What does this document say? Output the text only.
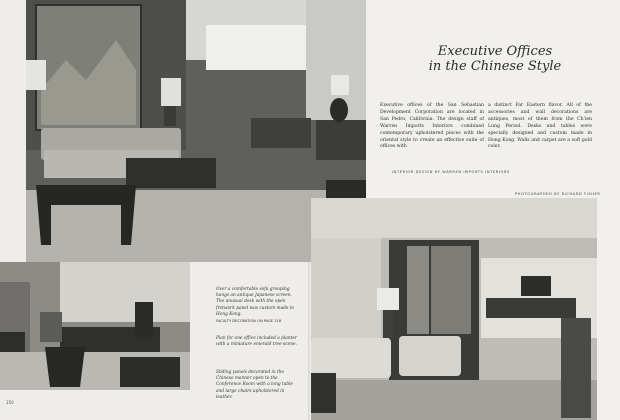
Executive Offices
in the Chinese Style
Executive offices of the San Sebastian Development Corporation are located in San Pedro, California. The design staff of Warren Imports Interiors combined contemporary upholstered pieces with the oriental style to create an effective suite of offices with
a distinct Far Eastern flavor. All of the accessories and wall decorations are antiques, most of them from the Ch'ien Lung Period. Desks and tables were specially designed and custom made in Hong Kong. Walls and carpet are a soft gold color.
INTERIOR DESIGN BY WARREN IMPORTS INTERIORS
PHOTOGRAPHED BY RICHARD FISHER
Over a comfortable sofa grouping hangs an antique Japanese screen. The unusual desk with the open fretwork panel was custom made in Hong Kong.
FACULTY DECORATION ON PAGE 118
Plan for one office included a planter with a miniature emerald tree-scene.
Sliding panels decorated in the Chinese manner open to the Conference Room with a long table and large chairs upholstered in leather.
150
